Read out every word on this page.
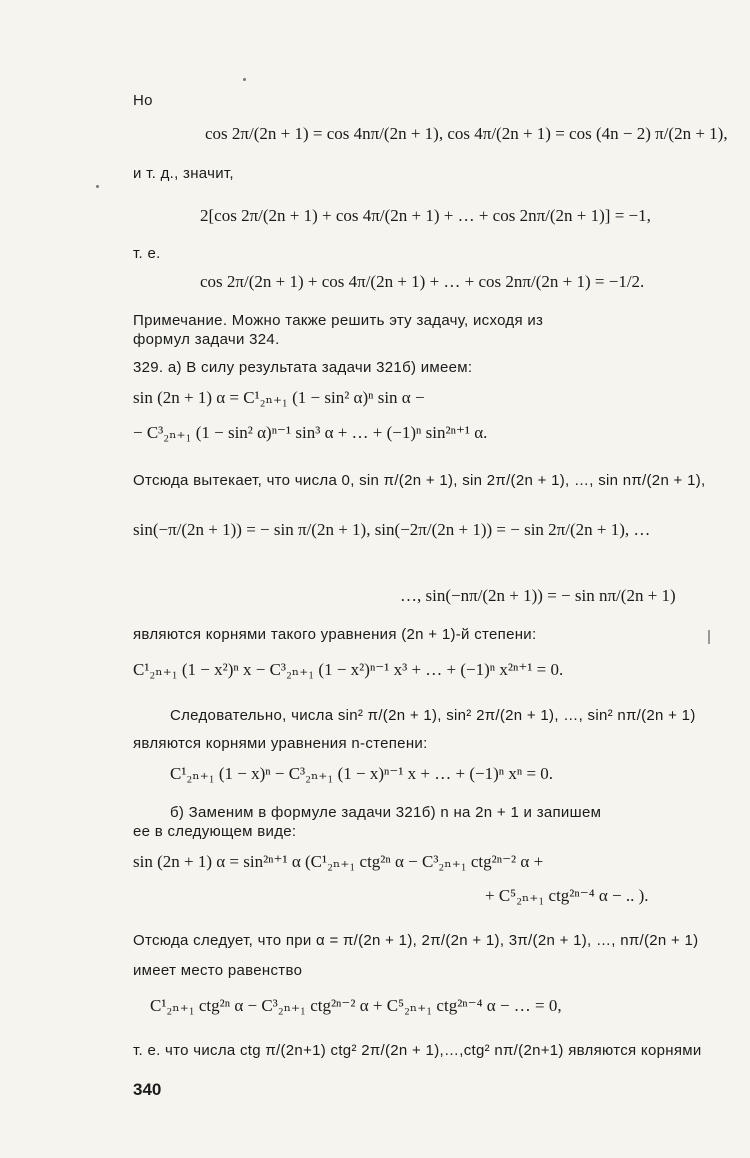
Но
cos 2π/(2n + 1) = cos 4nπ/(2n + 1), cos 4π/(2n + 1) = cos (4n − 2) π/(2n + 1),
и т. д., значит,
2[cos 2π/(2n + 1) + cos 4π/(2n + 1) + … + cos 2nπ/(2n + 1)] = −1,
т. е.
cos 2π/(2n + 1) + cos 4π/(2n + 1) + … + cos 2nπ/(2n + 1) = −1/2.
Примечание. Можно также решить эту задачу, исходя из
формул задачи 324.
329. а) В силу результата задачи 321б) имеем:
sin (2n + 1) α = C¹₂ₙ₊₁ (1 − sin² α)ⁿ sin α −
− C³₂ₙ₊₁ (1 − sin² α)ⁿ⁻¹ sin³ α + … + (−1)ⁿ sin²ⁿ⁺¹ α.
Отсюда вытекает, что числа 0, sin π/(2n + 1), sin 2π/(2n + 1), …, sin nπ/(2n + 1),
sin(−π/(2n + 1)) = − sin π/(2n + 1), sin(−2π/(2n + 1)) = − sin 2π/(2n + 1), …
…, sin(−nπ/(2n + 1)) = − sin nπ/(2n + 1)
являются корнями такого уравнения (2n + 1)-й степени:
C¹₂ₙ₊₁ (1 − x²)ⁿ x − C³₂ₙ₊₁ (1 − x²)ⁿ⁻¹ x³ + … + (−1)ⁿ x²ⁿ⁺¹ = 0.
Следовательно, числа sin² π/(2n + 1), sin² 2π/(2n + 1), …, sin² nπ/(2n + 1)
являются корнями уравнения n-степени:
C¹₂ₙ₊₁ (1 − x)ⁿ − C³₂ₙ₊₁ (1 − x)ⁿ⁻¹ x + … + (−1)ⁿ xⁿ = 0.
б) Заменим в формуле задачи 321б) n на 2n + 1 и запишем
ее в следующем виде:
sin (2n + 1) α = sin²ⁿ⁺¹ α (C¹₂ₙ₊₁ ctg²ⁿ α − C³₂ₙ₊₁ ctg²ⁿ⁻² α +
+ C⁵₂ₙ₊₁ ctg²ⁿ⁻⁴ α − .. ).
Отсюда следует, что при α = π/(2n + 1), 2π/(2n + 1), 3π/(2n + 1), …, nπ/(2n + 1)
имеет место равенство
C¹₂ₙ₊₁ ctg²ⁿ α − C³₂ₙ₊₁ ctg²ⁿ⁻² α + C⁵₂ₙ₊₁ ctg²ⁿ⁻⁴ α − … = 0,
т. е. что числа ctg π/(2n+1) ctg² 2π/(2n + 1),…,ctg² nπ/(2n+1) являются корнями
340
